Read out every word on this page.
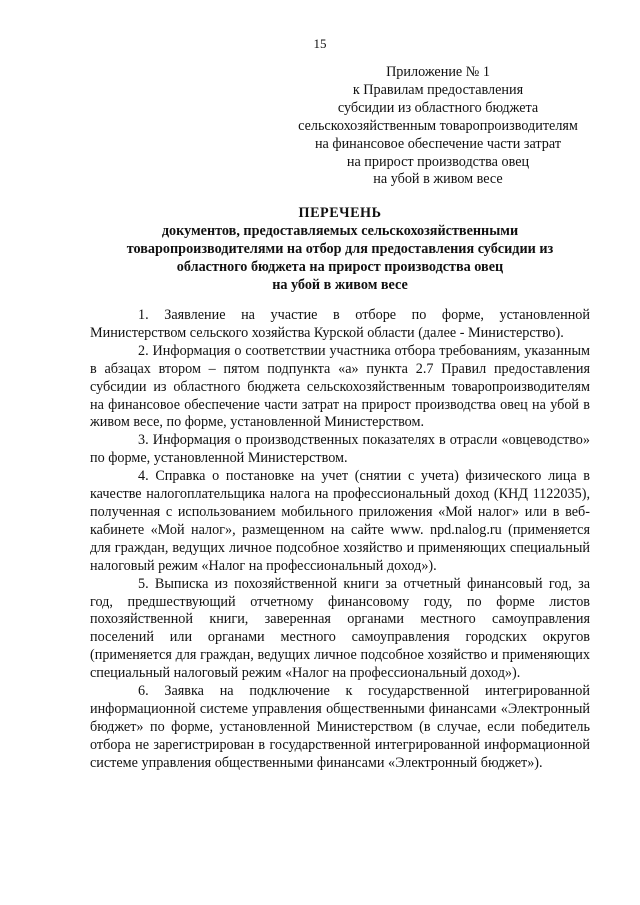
15
Приложение № 1
к Правилам предоставления
субсидии из областного бюджета
сельскохозяйственным товаропроизводителям
на финансовое обеспечение части затрат
на прирост производства овец
на убой в живом весе
ПЕРЕЧЕНЬ
документов, предоставляемых сельскохозяйственными
товаропроизводителями на отбор для предоставления субсидии из
областного бюджета на прирост производства овец
на убой в живом весе

1. Заявление на участие в отборе по форме, установленной Министерством сельского хозяйства Курской области (далее - Министерство).

2. Информация о соответствии участника отбора требованиям, указанным в абзацах втором – пятом подпункта «а» пункта 2.7 Правил предоставления субсидии из областного бюджета сельскохозяйственным товаропроизводителям на финансовое обеспечение части затрат на прирост производства овец на убой в живом весе, по форме, установленной Министерством.

3. Информация о производственных показателях в отрасли «овцеводство» по форме, установленной Министерством.

4. Справка о постановке на учет (снятии с учета) физического лица в качестве налогоплательщика налога на профессиональный доход (КНД 1122035), полученная с использованием мобильного приложения «Мой налог» или в веб-кабинете «Мой налог», размещенном на сайте www. npd.nalog.ru (применяется для граждан, ведущих личное подсобное хозяйство и применяющих специальный налоговый режим «Налог на профессиональный доход»).

5. Выписка из похозяйственной книги за отчетный финансовый год, за год, предшествующий отчетному финансовому году, по форме листов похозяйственной книги, заверенная органами местного самоуправления поселений или органами местного самоуправления городских округов (применяется для граждан, ведущих личное подсобное хозяйство и применяющих специальный налоговый режим «Налог на профессиональный доход»).

6. Заявка на подключение к государственной интегрированной информационной системе управления общественными финансами «Электронный бюджет» по форме, установленной Министерством (в случае, если победитель отбора не зарегистрирован в государственной интегрированной информационной системе управления общественными финансами «Электронный бюджет»).
